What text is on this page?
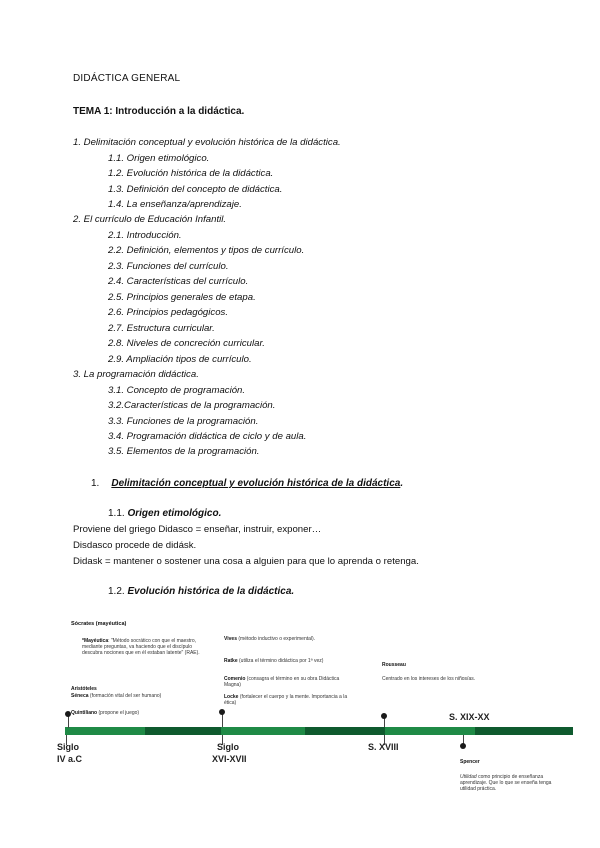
DIDÁCTICA GENERAL
TEMA 1: Introducción a la didáctica.
1. Delimitación conceptual y evolución histórica de la didáctica.
1.1. Origen etimológico.
1.2. Evolución histórica de la didáctica.
1.3. Definición del concepto de didáctica.
1.4. La enseñanza/aprendizaje.
2. El currículo de Educación Infantil.
2.1. Introducción.
2.2. Definición, elementos y tipos de currículo.
2.3. Funciones del currículo.
2.4. Características del currículo.
2.5. Principios generales de etapa.
2.6. Principios pedagógicos.
2.7. Estructura curricular.
2.8. Niveles de concreción curricular.
2.9. Ampliación tipos de currículo.
3. La programación didáctica.
3.1. Concepto de programación.
3.2.Características de la programación.
3.3. Funciones de la programación.
3.4. Programación didáctica de ciclo y de aula.
3.5. Elementos de la programación.
1. Delimitación conceptual y evolución histórica de la didáctica.
1.1. Origen etimológico.
Proviene del griego Didasco = enseñar, instruir, exponer…
Disdasco procede de didásk.
Didask = mantener o sostener una cosa a alguien para que lo aprenda o retenga.
1.2. Evolución histórica de la didáctica.
Sócrates (mayéutica)
*Mayéutica: "Método socrático con que el maestro, mediante preguntas, va haciendo que el discípulo descubra nociones que en él estaban latente" (RAE).
Aristóteles
Séneca (formación vital del ser humano)
Quintiliano (propone el juego)
Vives (método inductivo o experimental).
Ratke (utiliza el término didáctica por 1ª vez)
Comenio (consagra el término en su obra Didáctica Magna)
Locke (fortalecer el cuerpo y la mente. Importancia a la ética)
Rousseau
Centrado en los intereses de los niños/as.
S. XIX-XX
Siglo
IV a.C
Siglo
XVI-XVII
S. XVIII
Spencer
Utilidad como principio de enseñanza aprendizaje. Que lo que se enseña tenga utilidad práctica.
